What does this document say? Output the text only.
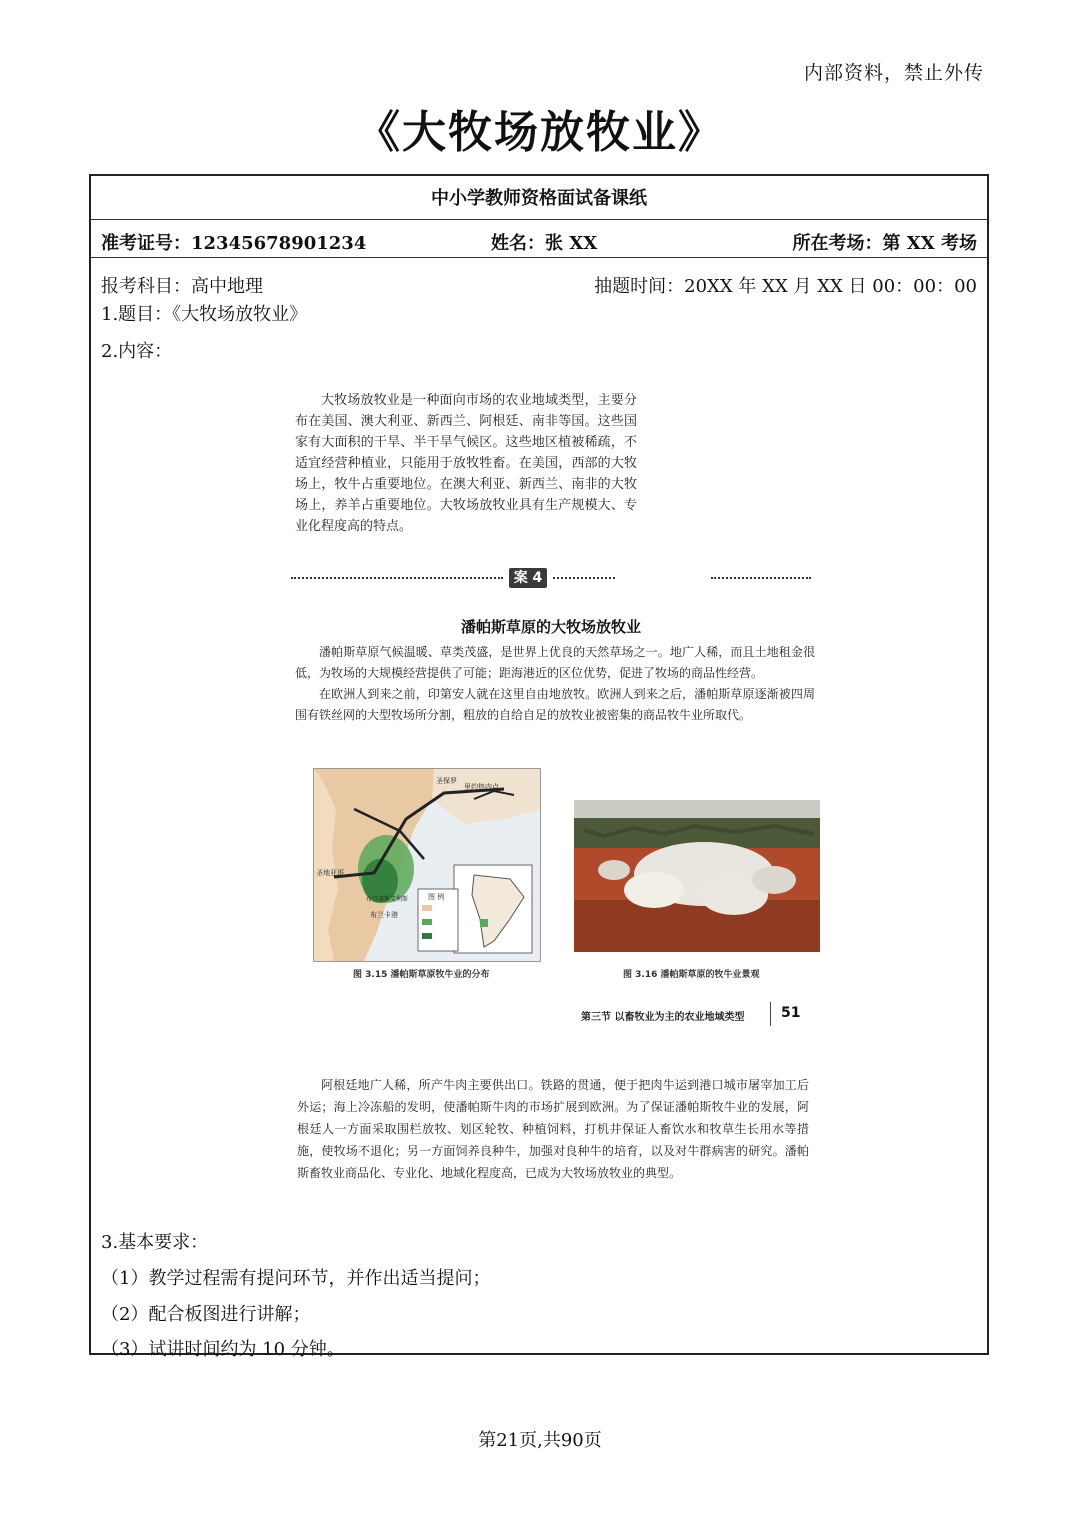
内部资料，禁止外传
《大牧场放牧业》
中小学教师资格面试备课纸
准考证号：12345678901234	姓名：张 XX	所在考场：第 XX 考场
报考科目：高中地理	抽题时间：20XX 年 XX 月 XX 日 00：00：00
1.题目：《大牧场放牧业》
2.内容：
大牧场放牧业是一种面向市场的农业地域类型，主要分布在美国、澳大利亚、新西兰、阿根廷、南非等国。这些国家有大面积的干旱、半干旱气候区。这些地区植被稀疏，不适宜经营种植业，只能用于放牧牲畜。在美国，西部的大牧场上，牧牛占重要地位。在澳大利亚、新西兰、南非的大牧场上，养羊占重要地位。大牧场放牧业具有生产规模大、专业化程度高的特点。
案 4
潘帕斯草原的大牧场放牧业
潘帕斯草原气候温暖、草类茂盛，是世界上优良的天然草场之一。地广人稀，而且土地租金很低，为牧场的大规模经营提供了可能；距海港近的区位优势，促进了牧场的商品性经营。
在欧洲人到来之前，印第安人就在这里自由地放牧。欧洲人到来之后，潘帕斯草原逐渐被四周围有铁丝网的大型牧场所分割，粗放的自给自足的放牧业被密集的商品牧牛业所取代。
图 例
圣地亚哥
布宜诺斯艾利斯
里约热内卢
圣保罗
布兰卡港
图 3.15 潘帕斯草原牧牛业的分布	图 3.16 潘帕斯草原的牧牛业景观
第三节 以畜牧业为主的农业地域类型	51
阿根廷地广人稀，所产牛肉主要供出口。铁路的贯通，便于把肉牛运到港口城市屠宰加工后外运；海上冷冻船的发明，使潘帕斯牛肉的市场扩展到欧洲。为了保证潘帕斯牧牛业的发展，阿根廷人一方面采取围栏放牧、划区轮牧、种植饲料，打机井保证人畜饮水和牧草生长用水等措施，使牧场不退化；另一方面饲养良种牛，加强对良种牛的培育，以及对牛群病害的研究。潘帕斯畜牧业商品化、专业化、地域化程度高，已成为大牧场放牧业的典型。
3.基本要求：
（1）教学过程需有提问环节，并作出适当提问；
（2）配合板图进行讲解；
（3）试讲时间约为 10 分钟。
第21页,共90页
